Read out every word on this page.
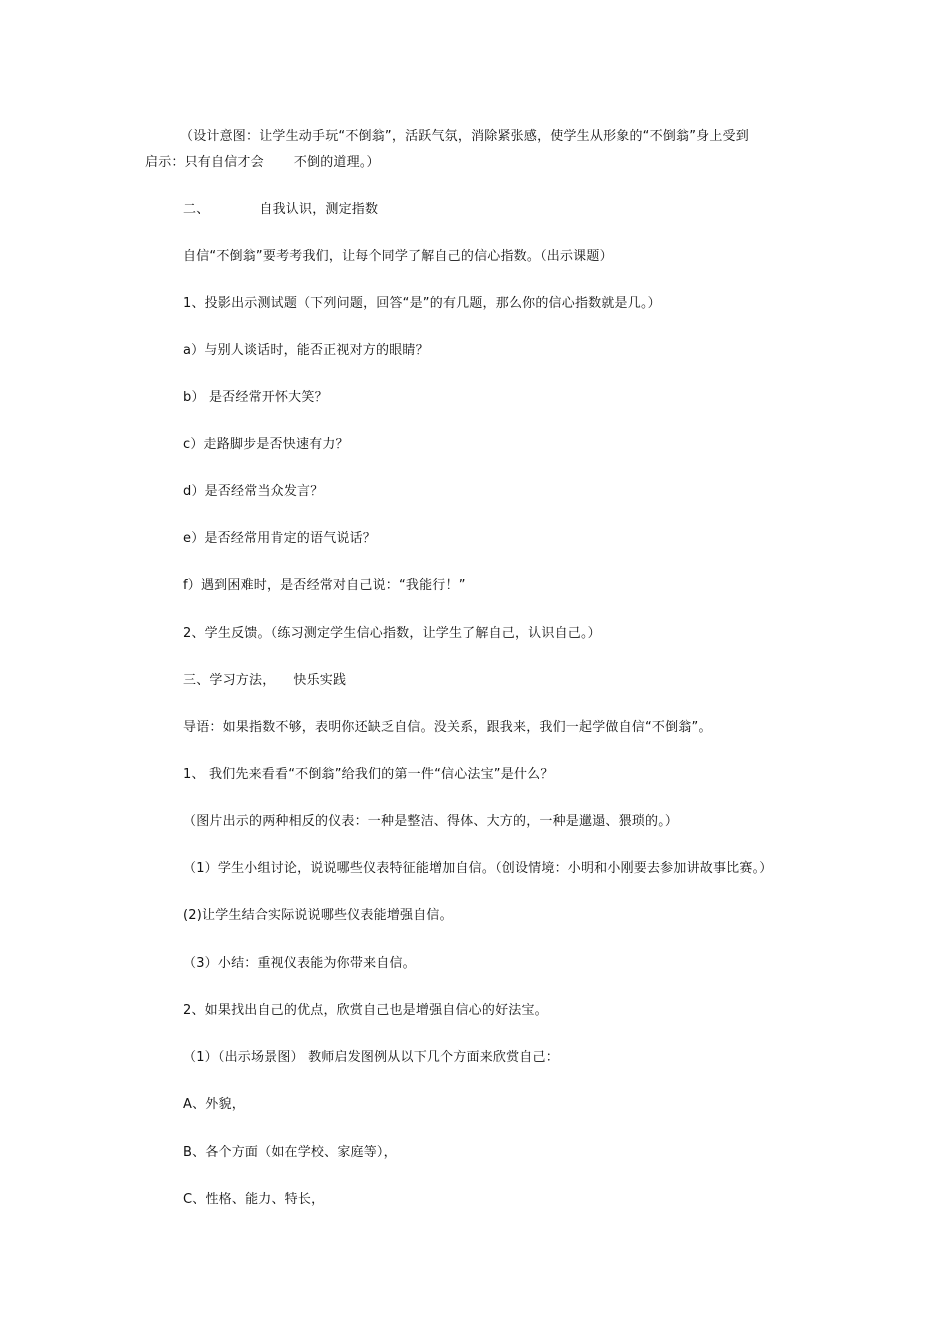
（设计意图：让学生动手玩“不倒翁”，活跃气氛，消除紧张感，使学生从形象的“不倒翁”身上受到
启示：只有自信才会 不倒的道理。）
二、	自我认识，测定指数
自信“不倒翁”要考考我们，让每个同学了解自己的信心指数。（出示课题）
1、投影出示测试题（下列问题，回答“是”的有几题，那么你的信心指数就是几。）
a）与别人谈话时，能否正视对方的眼睛？
b） 是否经常开怀大笑？
c）走路脚步是否快速有力？
d）是否经常当众发言？
e）是否经常用肯定的语气说话？
f）遇到困难时，是否经常对自己说：“我能行！”
2、学生反馈。（练习测定学生信心指数，让学生了解自己，认识自己。）
三、学习方法， 快乐实践
导语：如果指数不够，表明你还缺乏自信。没关系，跟我来，我们一起学做自信“不倒翁”。
1、 我们先来看看“不倒翁”给我们的第一件“信心法宝”是什么？
（图片出示的两种相反的仪表：一种是整洁、得体、大方的，一种是邋遢、猥琐的。）
（1）学生小组讨论，说说哪些仪表特征能增加自信。（创设情境：小明和小刚要去参加讲故事比赛。）
(2)让学生结合实际说说哪些仪表能增强自信。
（3）小结：重视仪表能为你带来自信。
2、如果找出自己的优点，欣赏自己也是增强自信心的好法宝。
（1）（出示场景图） 教师启发图例从以下几个方面来欣赏自己：
A、外貌，
B、各个方面（如在学校、家庭等），
C、性格、能力、特长，
